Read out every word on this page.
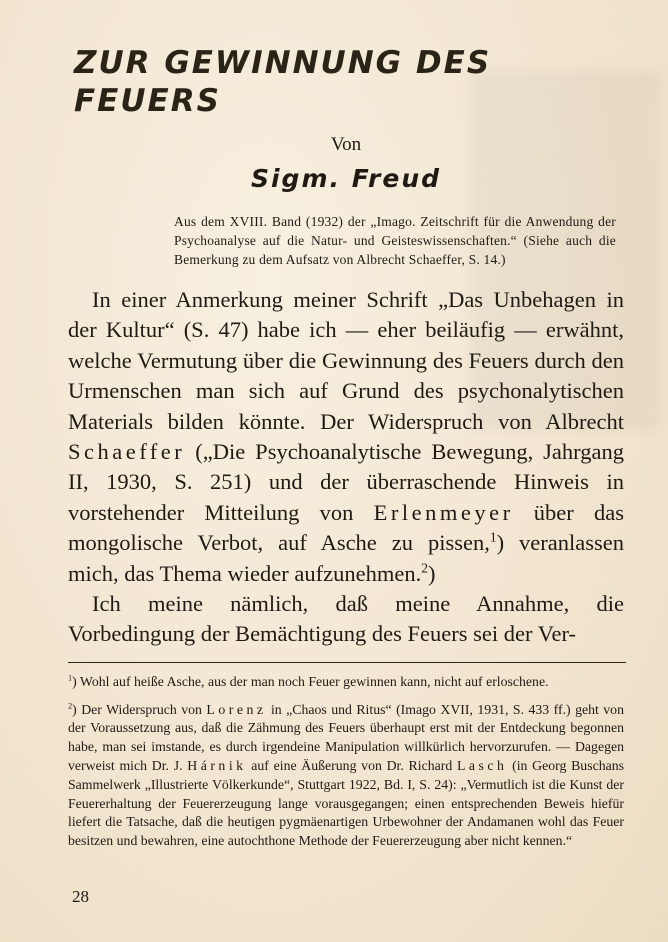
ZUR GEWINNUNG DES FEUERS
Von
Sigm. Freud
Aus dem XVIII. Band (1932) der „Imago. Zeitschrift für die Anwendung der Psychoanalyse auf die Natur- und Geisteswissenschaften.“ (Siehe auch die Bemerkung zu dem Aufsatz von Albrecht Schaeffer, S. 14.)

In einer Anmerkung meiner Schrift „Das Unbehagen in der Kultur“ (S. 47) habe ich — eher beiläufig — erwähnt, welche Vermutung über die Gewinnung des Feuers durch den Urmenschen man sich auf Grund des psychonalytischen Materials bilden könnte. Der Widerspruch von Albrecht Schaeffer („Die Psychoanalytische Bewegung, Jahrgang II, 1930, S. 251) und der überraschende Hinweis in vorstehender Mitteilung von Erlenmeyer über das mongolische Verbot, auf Asche zu pissen,$^1$) veranlassen mich, das Thema wieder aufzunehmen.$^2$)

Ich meine nämlich, daß meine Annahme, die Vorbedingung der Bemächtigung des Feuers sei der Ver-

$^1$) Wohl auf heiße Asche, aus der man noch Feuer gewinnen kann, nicht auf erloschene.
$^2$) Der Widerspruch von Lorenz in „Chaos und Ritus“ (Imago XVII, 1931, S. 433 ff.) geht von der Voraussetzung aus, daß die Zähmung des Feuers überhaupt erst mit der Entdeckung begonnen habe, man sei imstande, es durch irgendeine Manipulation willkürlich hervorzurufen. — Dagegen verweist mich Dr. J. Hárnik auf eine Äußerung von Dr. Richard Lasch (in Georg Buschans Sammelwerk „Illustrierte Völkerkunde“, Stuttgart 1922, Bd. I, S. 24): „Vermutlich ist die Kunst der Feuererhaltung der Feuererzeugung lange vorausgegangen; einen entsprechenden Beweis hiefür liefert die Tatsache, daß die heutigen pygmäenartigen Urbewohner der Andamanen wohl das Feuer besitzen und bewahren, eine autochthone Methode der Feuererzeugung aber nicht kennen.“
28
